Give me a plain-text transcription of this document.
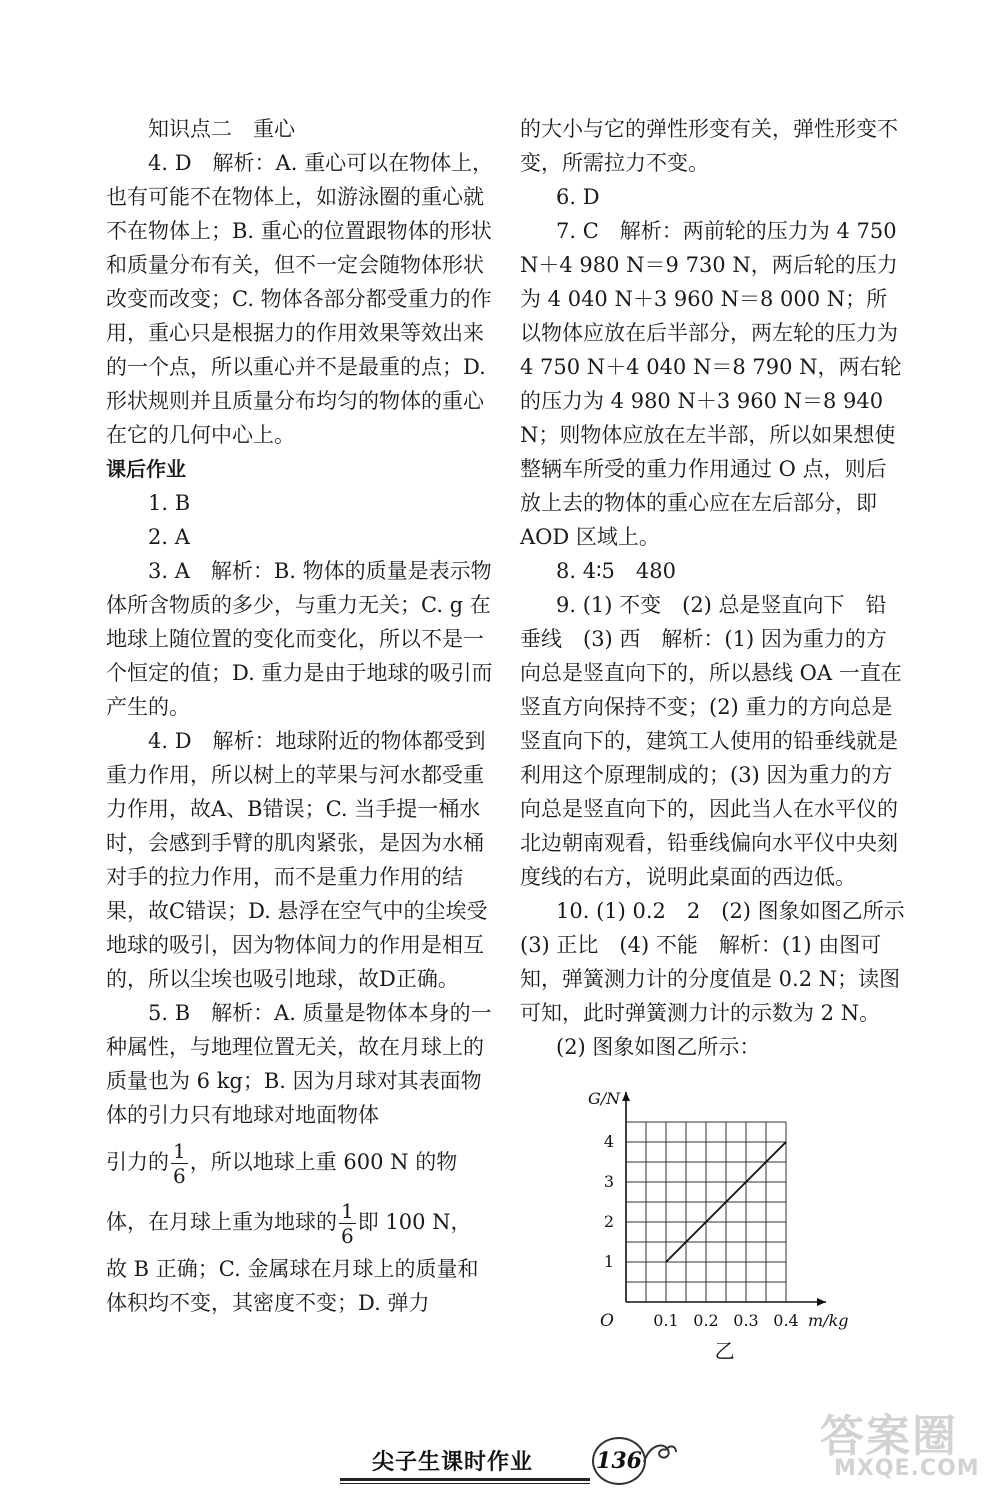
知识点二　重心

4. D　解析：A. 重心可以在物体上，也有可能不在物体上，如游泳圈的重心就不在物体上；B. 重心的位置跟物体的形状和质量分布有关，但不一定会随物体形状改变而改变；C. 物体各部分都受重力的作用，重心只是根据力的作用效果等效出来的一个点，所以重心并不是最重的点；D. 形状规则并且质量分布均匀的物体的重心在它的几何中心上。

课后作业

1. B

2. A

3. A　解析：B. 物体的质量是表示物体所含物质的多少，与重力无关；C. g 在地球上随位置的变化而变化，所以不是一个恒定的值；D. 重力是由于地球的吸引而产生的。

4. D　解析：地球附近的物体都受到重力作用，所以树上的苹果与河水都受重力作用，故A、B错误；C. 当手提一桶水时，会感到手臂的肌肉紧张，是因为水桶对手的拉力作用，而不是重力作用的结果，故C错误；D. 悬浮在空气中的尘埃受地球的吸引，因为物体间力的作用是相互的，所以尘埃也吸引地球，故D正确。

5. B　解析：A. 质量是物体本身的一种属性，与地理位置无关，故在月球上的质量也为 6 kg；B. 因为月球对其表面物体的引力只有地球对地面物体

引力的 $\frac{1}{6}$ ，所以地球上重 600 N 的物

体，在月球上重为地球的 $\frac{1}{6}$ 即 100 N，

故 B 正确；C. 金属球在月球上的质量和体积均不变，其密度不变；D. 弹力

的大小与它的弹性形变有关，弹性形变不变，所需拉力不变。

6. D

7. C　解析：两前轮的压力为 4 750 N＋4 980 N＝9 730 N，两后轮的压力为 4 040 N＋3 960 N＝8 000 N；所以物体应放在后半部分，两左轮的压力为 4 750 N＋4 040 N＝8 790 N，两右轮的压力为 4 980 N＋3 960 N＝8 940 N；则物体应放在左半部，所以如果想使整辆车所受的重力作用通过 O 点，则后放上去的物体的重心应在左后部分，即 AOD 区域上。

8. 4∶5　480

9. (1) 不变　(2) 总是竖直向下　铅垂线　(3) 西　解析：(1) 因为重力的方向总是竖直向下的，所以悬线 OA 一直在竖直方向保持不变；(2) 重力的方向总是竖直向下的，建筑工人使用的铅垂线就是利用这个原理制成的；(3) 因为重力的方向总是竖直向下的，因此当人在水平仪的北边朝南观看，铅垂线偏向水平仪中央刻度线的右方，说明此桌面的西边低。

10. (1) 0.2　2　(2) 图象如图乙所示　(3) 正比　(4) 不能　解析：(1) 由图可知，弹簧测力计的分度值是 0.2 N；读图可知，此时弹簧测力计的示数为 2 N。

(2) 图象如图乙所示：

0.1 0.2 0.3 0.4
1
2
3
4
O	m/kg
G/N
乙
尖子生课时作业	136	答案圈
MXQE.COM
